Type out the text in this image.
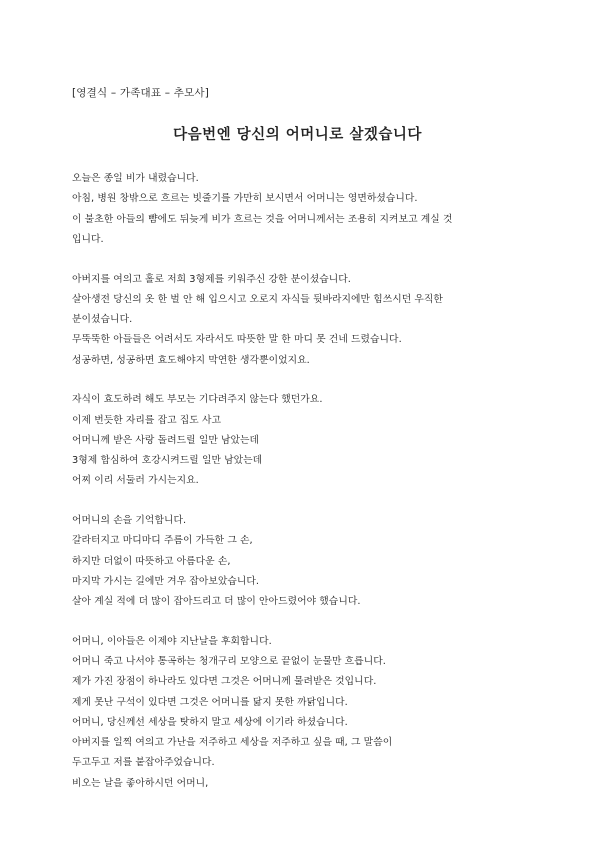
[영결식 – 가족대표 – 추모사]
다음번엔 당신의 어머니로 살겠습니다
오늘은 종일 비가 내렸습니다.
아침, 병원 창밖으로 흐르는 빗줄기를 가만히 보시면서 어머니는 영면하셨습니다.
이 불초한 아들의 뺨에도 뒤늦게 비가 흐르는 것을 어머니께서는 조용히 지켜보고 계실 것
입니다.
아버지를 여의고 홀로 저희 3형제를 키워주신 강한 분이셨습니다.
살아생전 당신의 옷 한 벌 안 해 입으시고 오로지 자식들 뒷바라지에만 힘쓰시던 우직한
분이셨습니다.
무뚝뚝한 아들들은 어려서도 자라서도 따뜻한 말 한 마디 못 건네 드렸습니다.
성공하면, 성공하면 효도해야지 막연한 생각뿐이었지요.
자식이 효도하려 해도 부모는 기다려주지 않는다 했던가요.
이제 번듯한 자리를 잡고 집도 사고
어머니께 받은 사랑 돌려드릴 일만 남았는데
3형제 합심하여 호강시켜드릴 일만 남았는데
어찌 이리 서둘러 가시는지요.
어머니의 손을 기억합니다.
갈라터지고 마디마디 주름이 가득한 그 손,
하지만 더없이 따뜻하고 아름다운 손,
마지막 가시는 길에만 겨우 잡아보았습니다.
살아 계실 적에 더 많이 잡아드리고 더 많이 안아드렸어야 했습니다.
어머니, 이아들은 이제야 지난날을 후회합니다.
어머니 죽고 나서야 통곡하는 청개구리 모양으로 끝없이 눈물만 흐릅니다.
제가 가진 장점이 하나라도 있다면 그것은 어머니께 물려받은 것입니다.
제게 못난 구석이 있다면 그것은 어머니를 닮지 못한 까닭입니다.
어머니, 당신께선 세상을 탓하지 말고 세상에 이기라 하셨습니다.
아버지를 일찍 여의고 가난을 저주하고 세상을 저주하고 싶을 때, 그 말씀이
두고두고 저를 붙잡아주었습니다.
비오는 날을 좋아하시던 어머니,
